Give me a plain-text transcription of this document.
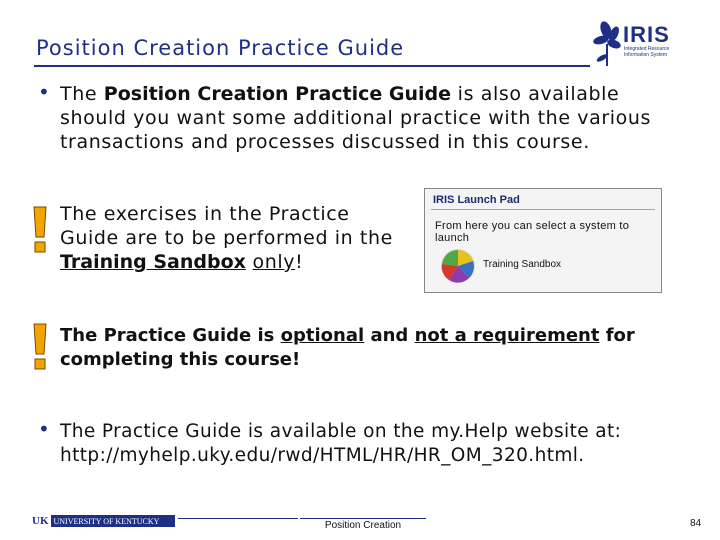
Position Creation Practice Guide
IRIS
Integrated Resource Information System
• The Position Creation Practice Guide is also available
should you want some additional practice with the various
transactions and processes discussed in this course.
The exercises in the Practice
Guide are to be performed in the
Training Sandbox only!
IRIS Launch Pad
From here you can select a system to launch
Training Sandbox
The Practice Guide is optional and not a requirement for
completing this course!
• The Practice Guide is available on the my.Help website at:
http://myhelp.uky.edu/rwd/HTML/HR/HR_OM_320.html.
UK UNIVERSITY OF KENTUCKY	Position Creation	84
